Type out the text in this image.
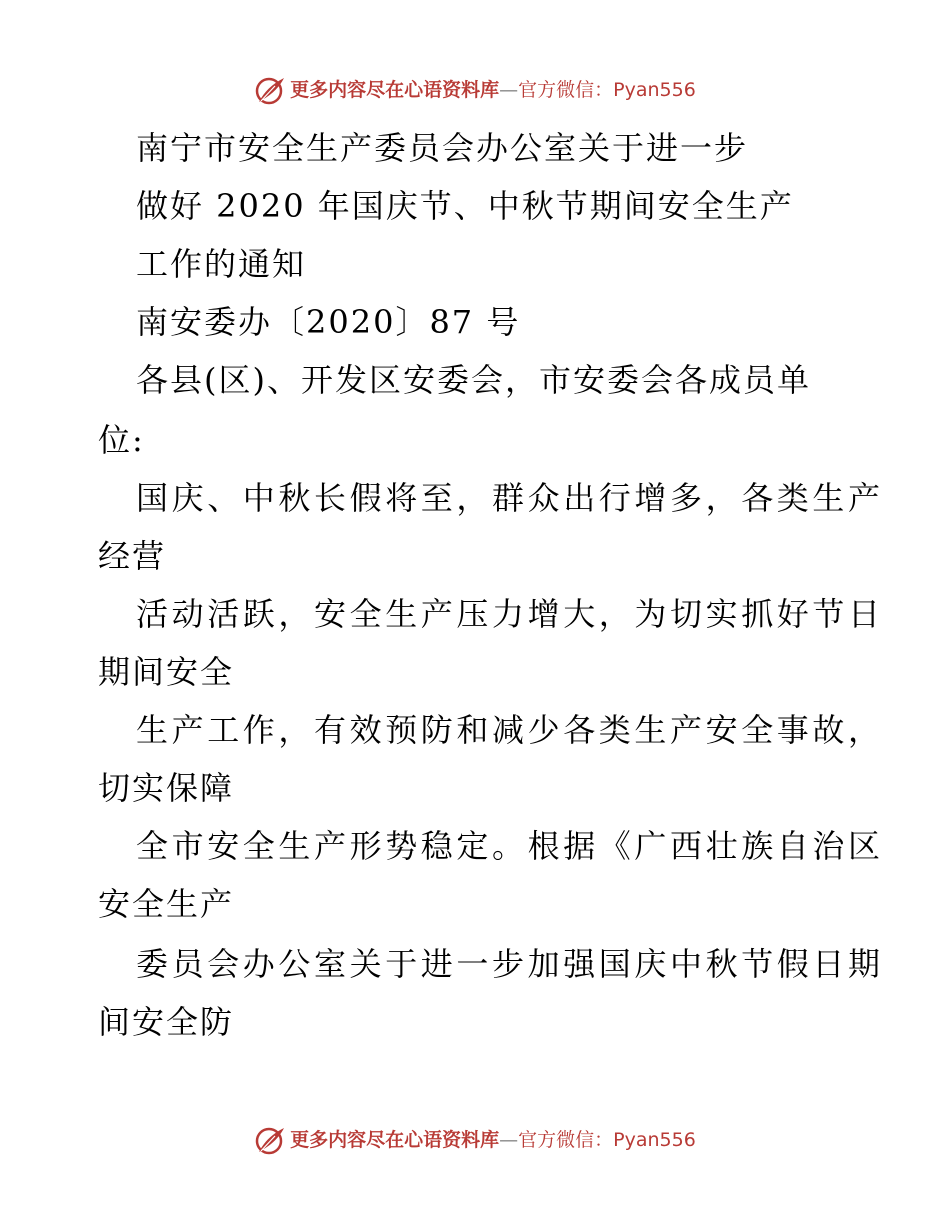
更多内容尽在心语资料库 — 官方微信：Pyan556

南宁市安全生产委员会办公室关于进一步

做好 2020 年国庆节、中秋节期间安全生产

工作的通知

南安委办〔2020〕87 号

各县(区)、开发区安委会，市安委会各成员单

位:

国庆、中秋长假将至，群众出行增多，各类生产

经营

活动活跃，安全生产压力增大，为切实抓好节日

期间安全

生产工作，有效预防和减少各类生产安全事故，

切实保障

全市安全生产形势稳定。根据《广西壮族自治区

安全生产

委员会办公室关于进一步加强国庆中秋节假日期

间安全防

更多内容尽在心语资料库 — 官方微信：Pyan556
